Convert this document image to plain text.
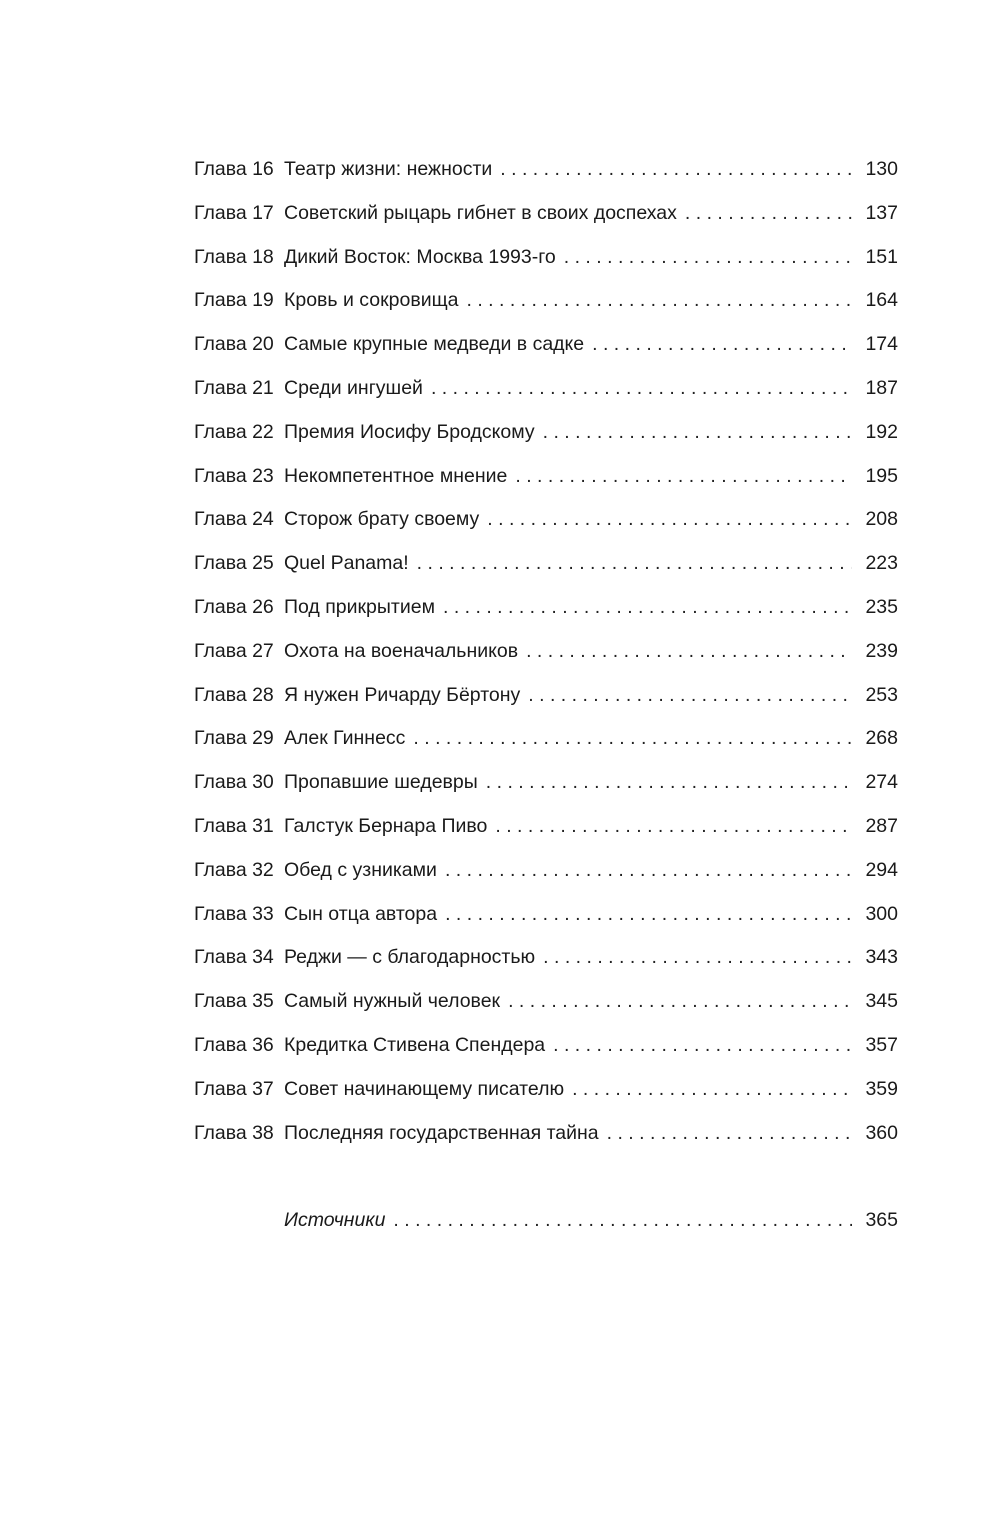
Глава 16 Театр жизни: нежности . . .	130
Глава 17 Советский рыцарь гибнет в своих доспехах . . .	137
Глава 18 Дикий Восток: Москва 1993-го . . .	151
Глава 19 Кровь и сокровища . . .	164
Глава 20 Самые крупные медведи в садке . . .	174
Глава 21 Среди ингушей . . .	187
Глава 22 Премия Иосифу Бродскому . . .	192
Глава 23 Некомпетентное мнение . . .	195
Глава 24 Сторож брату своему . . .	208
Глава 25 Quel Panama! . . .	223
Глава 26 Под прикрытием . . .	235
Глава 27 Охота на военачальников . . .	239
Глава 28 Я нужен Ричарду Бёртону . . .	253
Глава 29 Алек Гиннесс . . .	268
Глава 30 Пропавшие шедевры . . .	274
Глава 31 Галстук Бернара Пиво . . .	287
Глава 32 Обед с узниками . . .	294
Глава 33 Сын отца автора . . .	300
Глава 34 Реджи — с благодарностью . . .	343
Глава 35 Самый нужный человек . . .	345
Глава 36 Кредитка Стивена Спендера . . .	357
Глава 37 Совет начинающему писателю . . .	359
Глава 38 Последняя государственная тайна . . .	360
Источники . . .	365
